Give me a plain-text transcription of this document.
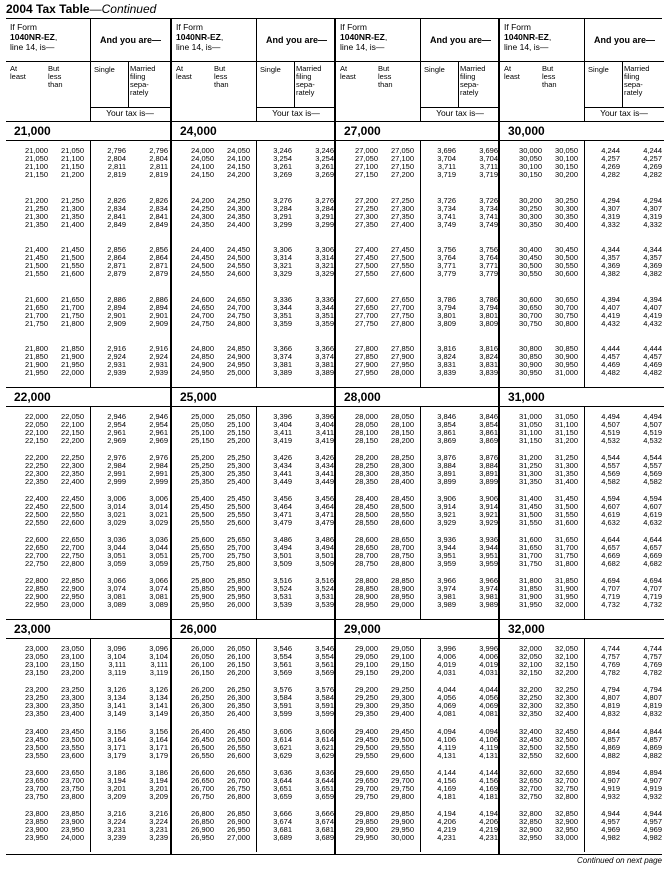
2004 Tax Table—Continued
If Form
1040NR-EZ,
line 14, is—
And you are—
At
least
But
less
than
Single Married
filing
sepa-
rately
Your tax is—
21,000
21,000	21,050	2,796	2,796
21,050	21,100	2,804	2,804
21,100	21,150	2,811	2,811
21,150	21,200	2,819	2,819
21,200	21,250	2,826	2,826
21,250	21,300	2,834	2,834
21,300	21,350	2,841	2,841
21,350	21,400	2,849	2,849
21,400	21,450	2,856	2,856
21,450	21,500	2,864	2,864
21,500	21,550	2,871	2,871
21,550	21,600	2,879	2,879
21,600	21,650	2,886	2,886
21,650	21,700	2,894	2,894
21,700	21,750	2,901	2,901
21,750	21,800	2,909	2,909
21,800	21,850	2,916	2,916
21,850	21,900	2,924	2,924
21,900	21,950	2,931	2,931
21,950	22,000	2,939	2,939
22,000
22,000	22,050	2,946	2,946
22,050	22,100	2,954	2,954
22,100	22,150	2,961	2,961
22,150	22,200	2,969	2,969
22,200	22,250	2,976	2,976
22,250	22,300	2,984	2,984
22,300	22,350	2,991	2,991
22,350	22,400	2,999	2,999
22,400	22,450	3,006	3,006
22,450	22,500	3,014	3,014
22,500	22,550	3,021	3,021
22,550	22,600	3,029	3,029
22,600	22,650	3,036	3,036
22,650	22,700	3,044	3,044
22,700	22,750	3,051	3,051
22,750	22,800	3,059	3,059
22,800	22,850	3,066	3,066
22,850	22,900	3,074	3,074
22,900	22,950	3,081	3,081
22,950	23,000	3,089	3,089
23,000
23,000	23,050	3,096	3,096
23,050	23,100	3,104	3,104
23,100	23,150	3,111	3,111
23,150	23,200	3,119	3,119
23,200	23,250	3,126	3,126
23,250	23,300	3,134	3,134
23,300	23,350	3,141	3,141
23,350	23,400	3,149	3,149
23,400	23,450	3,156	3,156
23,450	23,500	3,164	3,164
23,500	23,550	3,171	3,171
23,550	23,600	3,179	3,179
23,600	23,650	3,186	3,186
23,650	23,700	3,194	3,194
23,700	23,750	3,201	3,201
23,750	23,800	3,209	3,209
23,800	23,850	3,216	3,216
23,850	23,900	3,224	3,224
23,900	23,950	3,231	3,231
23,950	24,000	3,239	3,239
If Form
1040NR-EZ,
line 14, is—
And you are—
At
least
But
less
than
Single Married
filing
sepa-
rately
Your tax is—
24,000
24,000	24,050	3,246	3,246
24,050	24,100	3,254	3,254
24,100	24,150	3,261	3,261
24,150	24,200	3,269	3,269
24,200	24,250	3,276	3,276
24,250	24,300	3,284	3,284
24,300	24,350	3,291	3,291
24,350	24,400	3,299	3,299
24,400	24,450	3,306	3,306
24,450	24,500	3,314	3,314
24,500	24,550	3,321	3,321
24,550	24,600	3,329	3,329
24,600	24,650	3,336	3,336
24,650	24,700	3,344	3,344
24,700	24,750	3,351	3,351
24,750	24,800	3,359	3,359
24,800	24,850	3,366	3,366
24,850	24,900	3,374	3,374
24,900	24,950	3,381	3,381
24,950	25,000	3,389	3,389
25,000
25,000	25,050	3,396	3,396
25,050	25,100	3,404	3,404
25,100	25,150	3,411	3,411
25,150	25,200	3,419	3,419
25,200	25,250	3,426	3,426
25,250	25,300	3,434	3,434
25,300	25,350	3,441	3,441
25,350	25,400	3,449	3,449
25,400	25,450	3,456	3,456
25,450	25,500	3,464	3,464
25,500	25,550	3,471	3,471
25,550	25,600	3,479	3,479
25,600	25,650	3,486	3,486
25,650	25,700	3,494	3,494
25,700	25,750	3,501	3,501
25,750	25,800	3,509	3,509
25,800	25,850	3,516	3,516
25,850	25,900	3,524	3,524
25,900	25,950	3,531	3,531
25,950	26,000	3,539	3,539
26,000
26,000	26,050	3,546	3,546
26,050	26,100	3,554	3,554
26,100	26,150	3,561	3,561
26,150	26,200	3,569	3,569
26,200	26,250	3,576	3,576
26,250	26,300	3,584	3,584
26,300	26,350	3,591	3,591
26,350	26,400	3,599	3,599
26,400	26,450	3,606	3,606
26,450	26,500	3,614	3,614
26,500	26,550	3,621	3,621
26,550	26,600	3,629	3,629
26,600	26,650	3,636	3,636
26,650	26,700	3,644	3,644
26,700	26,750	3,651	3,651
26,750	26,800	3,659	3,659
26,800	26,850	3,666	3,666
26,850	26,900	3,674	3,674
26,900	26,950	3,681	3,681
26,950	27,000	3,689	3,689
If Form
1040NR-EZ,
line 14, is—
And you are—
At
least
But
less
than
Single Married
filing
sepa-
rately
Your tax is—
27,000
27,000	27,050	3,696	3,696
27,050	27,100	3,704	3,704
27,100	27,150	3,711	3,711
27,150	27,200	3,719	3,719
27,200	27,250	3,726	3,726
27,250	27,300	3,734	3,734
27,300	27,350	3,741	3,741
27,350	27,400	3,749	3,749
27,400	27,450	3,756	3,756
27,450	27,500	3,764	3,764
27,500	27,550	3,771	3,771
27,550	27,600	3,779	3,779
27,600	27,650	3,786	3,786
27,650	27,700	3,794	3,794
27,700	27,750	3,801	3,801
27,750	27,800	3,809	3,809
27,800	27,850	3,816	3,816
27,850	27,900	3,824	3,824
27,900	27,950	3,831	3,831
27,950	28,000	3,839	3,839
28,000
28,000	28,050	3,846	3,846
28,050	28,100	3,854	3,854
28,100	28,150	3,861	3,861
28,150	28,200	3,869	3,869
28,200	28,250	3,876	3,876
28,250	28,300	3,884	3,884
28,300	28,350	3,891	3,891
28,350	28,400	3,899	3,899
28,400	28,450	3,906	3,906
28,450	28,500	3,914	3,914
28,500	28,550	3,921	3,921
28,550	28,600	3,929	3,929
28,600	28,650	3,936	3,936
28,650	28,700	3,944	3,944
28,700	28,750	3,951	3,951
28,750	28,800	3,959	3,959
28,800	28,850	3,966	3,966
28,850	28,900	3,974	3,974
28,900	28,950	3,981	3,981
28,950	29,000	3,989	3,989
29,000
29,000	29,050	3,996	3,996
29,050	29,100	4,006	4,006
29,100	29,150	4,019	4,019
29,150	29,200	4,031	4,031
29,200	29,250	4,044	4,044
29,250	29,300	4,056	4,056
29,300	29,350	4,069	4,069
29,350	29,400	4,081	4,081
29,400	29,450	4,094	4,094
29,450	29,500	4,106	4,106
29,500	29,550	4,119	4,119
29,550	29,600	4,131	4,131
29,600	29,650	4,144	4,144
29,650	29,700	4,156	4,156
29,700	29,750	4,169	4,169
29,750	29,800	4,181	4,181
29,800	29,850	4,194	4,194
29,850	29,900	4,206	4,206
29,900	29,950	4,219	4,219
29,950	30,000	4,231	4,231
If Form
1040NR-EZ,
line 14, is—
And you are—
At
least
But
less
than
Single Married
filing
sepa-
rately
Your tax is—
30,000
30,000	30,050	4,244	4,244
30,050	30,100	4,257	4,257
30,100	30,150	4,269	4,269
30,150	30,200	4,282	4,282
30,200	30,250	4,294	4,294
30,250	30,300	4,307	4,307
30,300	30,350	4,319	4,319
30,350	30,400	4,332	4,332
30,400	30,450	4,344	4,344
30,450	30,500	4,357	4,357
30,500	30,550	4,369	4,369
30,550	30,600	4,382	4,382
30,600	30,650	4,394	4,394
30,650	30,700	4,407	4,407
30,700	30,750	4,419	4,419
30,750	30,800	4,432	4,432
30,800	30,850	4,444	4,444
30,850	30,900	4,457	4,457
30,900	30,950	4,469	4,469
30,950	31,000	4,482	4,482
31,000
31,000	31,050	4,494	4,494
31,050	31,100	4,507	4,507
31,100	31,150	4,519	4,519
31,150	31,200	4,532	4,532
31,200	31,250	4,544	4,544
31,250	31,300	4,557	4,557
31,300	31,350	4,569	4,569
31,350	31,400	4,582	4,582
31,400	31,450	4,594	4,594
31,450	31,500	4,607	4,607
31,500	31,550	4,619	4,619
31,550	31,600	4,632	4,632
31,600	31,650	4,644	4,644
31,650	31,700	4,657	4,657
31,700	31,750	4,669	4,669
31,750	31,800	4,682	4,682
31,800	31,850	4,694	4,694
31,850	31,900	4,707	4,707
31,900	31,950	4,719	4,719
31,950	32,000	4,732	4,732
32,000
32,000	32,050	4,744	4,744
32,050	32,100	4,757	4,757
32,100	32,150	4,769	4,769
32,150	32,200	4,782	4,782
32,200	32,250	4,794	4,794
32,250	32,300	4,807	4,807
32,300	32,350	4,819	4,819
32,350	32,400	4,832	4,832
32,400	32,450	4,844	4,844
32,450	32,500	4,857	4,857
32,500	32,550	4,869	4,869
32,550	32,600	4,882	4,882
32,600	32,650	4,894	4,894
32,650	32,700	4,907	4,907
32,700	32,750	4,919	4,919
32,750	32,800	4,932	4,932
32,800	32,850	4,944	4,944
32,850	32,900	4,957	4,957
32,900	32,950	4,969	4,969
32,950	33,000	4,982	4,982
Continued on next page
